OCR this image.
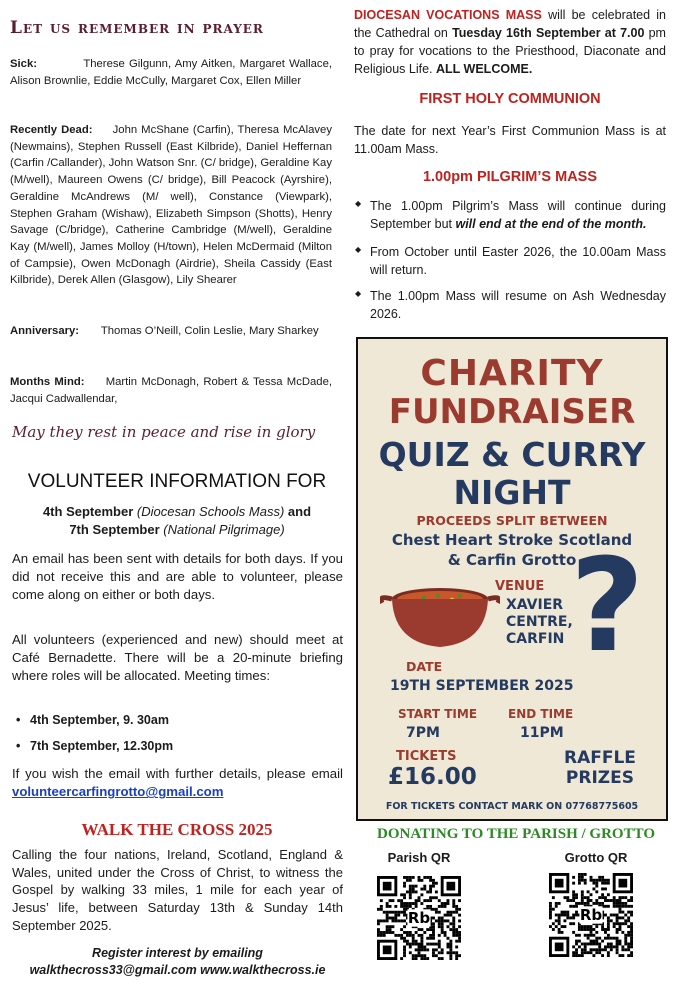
Let us remember in prayer

Sick:	Therese Gilgunn, Amy Aitken, Margaret Wallace, Alison Brownlie, Eddie McCully, Margaret Cox, Ellen Miller

Recently Dead: John McShane (Carfin), Theresa McAlavey (Newmains), Stephen Russell (East Kilbride), Daniel Heffernan (Carfin /Callander), John Watson Snr. (C/ bridge), Geraldine Kay (M/well), Maureen Owens (C/ bridge), Bill Peacock (Ayrshire), Geraldine McAndrews (M/ well), Constance (Viewpark), Stephen Graham (Wishaw), Elizabeth Simpson (Shotts), Henry Savage (C/bridge), Catherine Cambridge (M/well), Geraldine Kay (M/well), James Molloy (H/town), Helen McDermaid (Milton of Campsie), Owen McDonagh (Airdrie), Sheila Cassidy (East Kilbride), Derek Allen (Glasgow), Lily Shearer

Anniversary: Thomas O’Neill, Colin Leslie, Mary Sharkey

Months Mind: Martin McDonagh, Robert & Tessa McDade, Jacqui Cadwallendar,

May they rest in peace and rise in glory
VOLUNTEER INFORMATION FOR
4th September (Diocesan Schools Mass) and
7th September (National Pilgrimage)

An email has been sent with details for both days. If you did not receive this and are able to volunteer, please come along on either or both days.

All volunteers (experienced and new) should meet at Café Bernadette. There will be a 20-minute briefing where roles will be allocated. Meeting times:

• 4th September, 9. 30am
• 7th September, 12.30pm

If you wish the email with further details, please email volunteercarfingrotto@gmail.com

WALK THE CROSS 2025

Calling the four nations, Ireland, Scotland, England & Wales, united under the Cross of Christ, to witness the Gospel by walking 33 miles, 1 mile for each year of Jesus’ life, between Saturday 13th & Sunday 14th September 2025.

Register interest by emailing
walkthecross33@gmail.com www.walkthecross.ie

DIOCESAN VOCATIONS MASS will be celebrated in the Cathedral on Tuesday 16th September at 7.00 pm to pray for vocations to the Priesthood, Diaconate and Religious Life. ALL WELCOME.

FIRST HOLY COMMUNION

The date for next Year’s First Communion Mass is at 11.00am Mass.

1.00pm PILGRIM’S MASS

◆ The 1.00pm Pilgrim’s Mass will continue during September but will end at the end of the month.

◆ From October until Easter 2026, the 10.00am Mass will return.

◆ The 1.00pm Mass will resume on Ash Wednesday 2026.

CHARITY
FUNDRAISER
QUIZ & CURRY
NIGHT
PROCEEDS SPLIT BETWEEN
Chest Heart Stroke Scotland
& Carfin Grotto
VENUE
XAVIER
CENTRE,
CARFIN ?
DATE
19TH SEPTEMBER 2025
START TIME
7PM
END TIME
11PM
TICKETS
£16.00
RAFFLE
PRIZES
FOR TICKETS CONTACT MARK ON 07768775605
DONATING TO THE PARISH / GROTTO
Parish QR	Grotto QR
Rb	Rb
